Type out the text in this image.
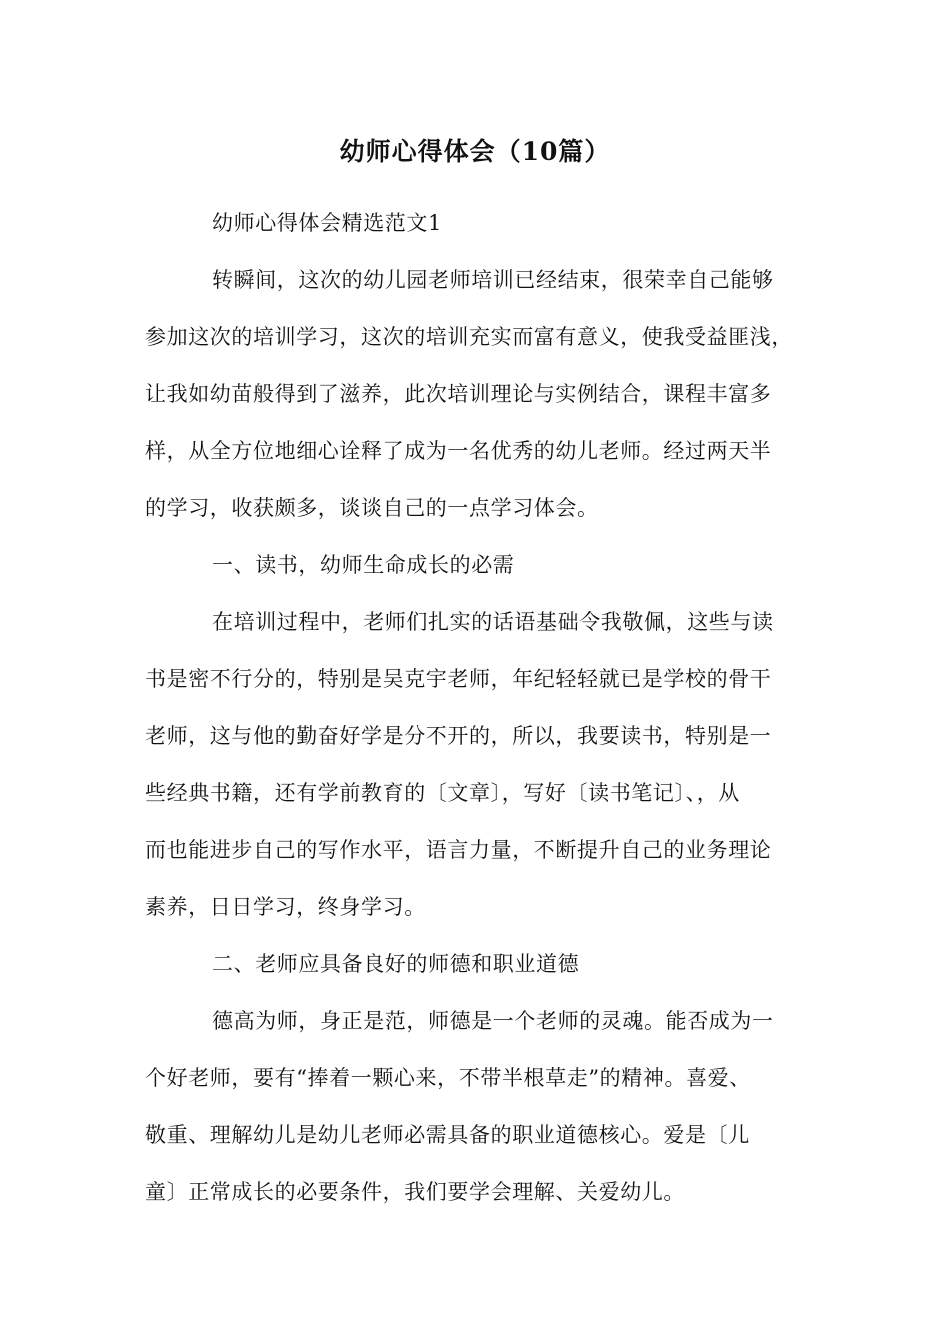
幼师心得体会（10篇）
幼师心得体会精选范文1
转瞬间，这次的幼儿园老师培训已经结束，很荣幸自己能够
参加这次的培训学习，这次的培训充实而富有意义，使我受益匪浅，
让我如幼苗般得到了滋养，此次培训理论与实例结合，课程丰富多
样，从全方位地细心诠释了成为一名优秀的幼儿老师。经过两天半
的学习，收获颇多，谈谈自己的一点学习体会。
一、读书，幼师生命成长的必需
在培训过程中，老师们扎实的话语基础令我敬佩，这些与读
书是密不行分的，特别是吴克宇老师，年纪轻轻就已是学校的骨干
老师，这与他的勤奋好学是分不开的，所以，我要读书，特别是一
些经典书籍，还有学前教育的〔文章〕，写好〔读书笔记〕、，从
而也能进步自己的写作水平，语言力量，不断提升自己的业务理论
素养，日日学习，终身学习。
二、老师应具备良好的师德和职业道德
德高为师，身正是范，师德是一个老师的灵魂。能否成为一
个好老师，要有“捧着一颗心来，不带半根草走”的精神。喜爱、
敬重、理解幼儿是幼儿老师必需具备的职业道德核心。爱是〔儿
童〕正常成长的必要条件，我们要学会理解、关爱幼儿。
